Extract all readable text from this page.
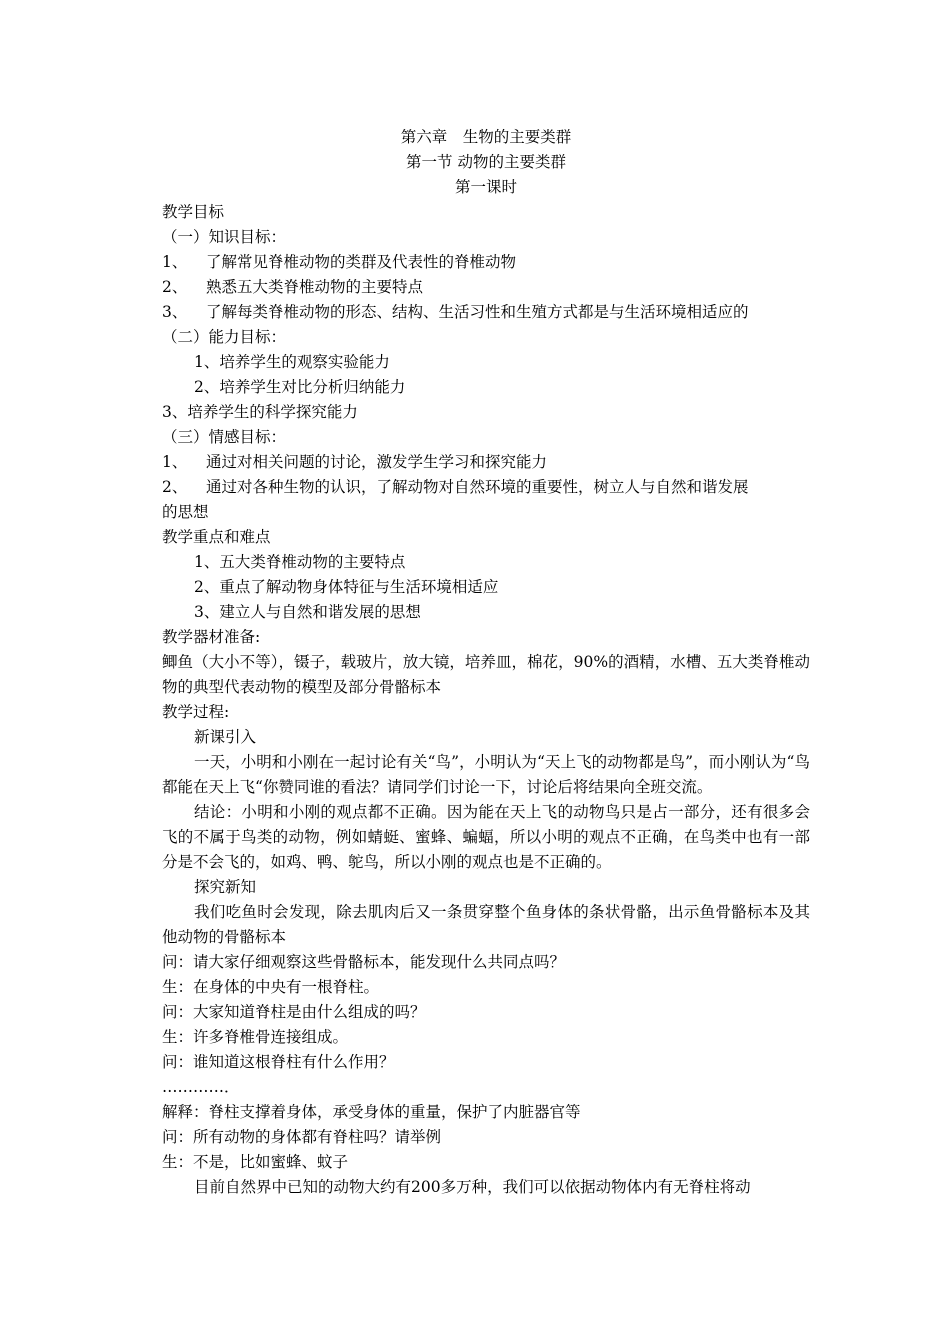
第六章　生物的主要类群
第一节 动物的主要类群
第一课时
教学目标
（一）知识目标：
1、	了解常见脊椎动物的类群及代表性的脊椎动物
2、	熟悉五大类脊椎动物的主要特点
3、	了解每类脊椎动物的形态、结构、生活习性和生殖方式都是与生活环境相适应的
（二）能力目标：
1、培养学生的观察实验能力
2、培养学生对比分析归纳能力
3、培养学生的科学探究能力
（三）情感目标：
1、	通过对相关问题的讨论，激发学生学习和探究能力
2、	通过对各种生物的认识，了解动物对自然环境的重要性，树立人与自然和谐发展
的思想
教学重点和难点
1、五大类脊椎动物的主要特点
2、重点了解动物身体特征与生活环境相适应
3、建立人与自然和谐发展的思想
教学器材准备:
鲫鱼（大小不等），镊子，载玻片，放大镜，培养皿，棉花，90%的酒精，水槽、五大类脊椎动物的典型代表动物的模型及部分骨骼标本
教学过程:
新课引入
一天，小明和小刚在一起讨论有关“鸟”，小明认为“天上飞的动物都是鸟”，而小刚认为“鸟都能在天上飞“你赞同谁的看法？请同学们讨论一下，讨论后将结果向全班交流。
结论：小明和小刚的观点都不正确。因为能在天上飞的动物鸟只是占一部分，还有很多会飞的不属于鸟类的动物，例如蜻蜓、蜜蜂、蝙蝠，所以小明的观点不正确，在鸟类中也有一部分是不会飞的，如鸡、鸭、鸵鸟，所以小刚的观点也是不正确的。
探究新知
我们吃鱼时会发现，除去肌肉后又一条贯穿整个鱼身体的条状骨骼，出示鱼骨骼标本及其他动物的骨骼标本
问：请大家仔细观察这些骨骼标本，能发现什么共同点吗？
生：在身体的中央有一根脊柱。
问：大家知道脊柱是由什么组成的吗？
生：许多脊椎骨连接组成。
问：谁知道这根脊柱有什么作用？
…………．
解释：脊柱支撑着身体，承受身体的重量，保护了内脏器官等
问：所有动物的身体都有脊柱吗？请举例
生：不是，比如蜜蜂、蚊子
目前自然界中已知的动物大约有200多万种，我们可以依据动物体内有无脊柱将动
